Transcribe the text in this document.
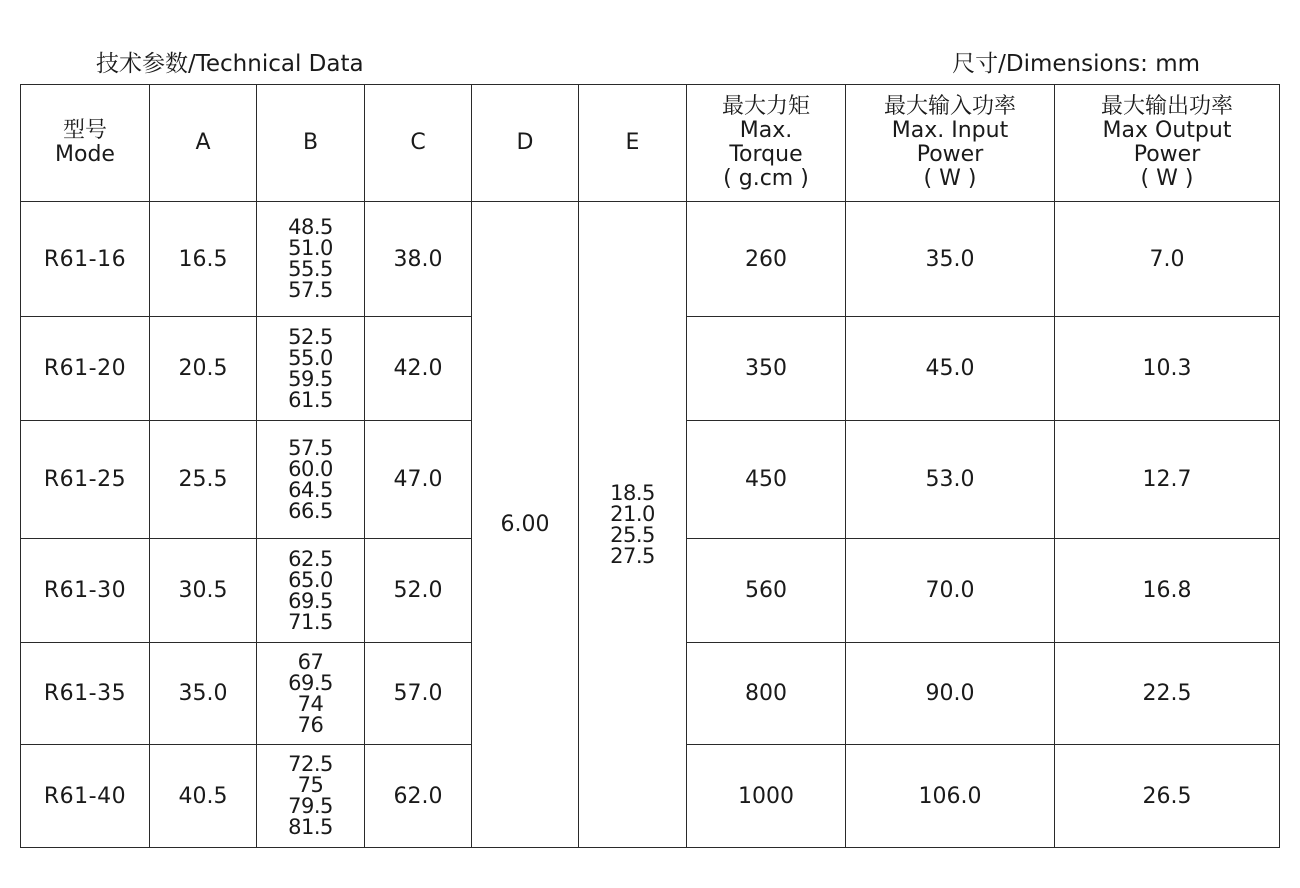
技术参数/Technical Data	尺寸/Dimensions: mm
型号
Mode	A	B	C	D	E	最大力矩
Max.
Torque
( g.cm )	最大输入功率
Max. Input
Power
( W )	最大输出功率
Max Output
Power
( W )

R61-16	16.5	48.5
51.0
55.5
57.5	38.0	6.00	18.5
21.0
25.5
27.5	260	35.0	7.0
R61-20	20.5	52.5
55.0
59.5
61.5	42.0			350	45.0	10.3
R61-25	25.5	57.5
60.0
64.5
66.5	47.0			450	53.0	12.7
R61-30	30.5	62.5
65.0
69.5
71.5	52.0			560	70.0	16.8
R61-35	35.0	67
69.5
74
76	57.0			800	90.0	22.5
R61-40	40.5	72.5
75
79.5
81.5	62.0			1000	106.0	26.5
